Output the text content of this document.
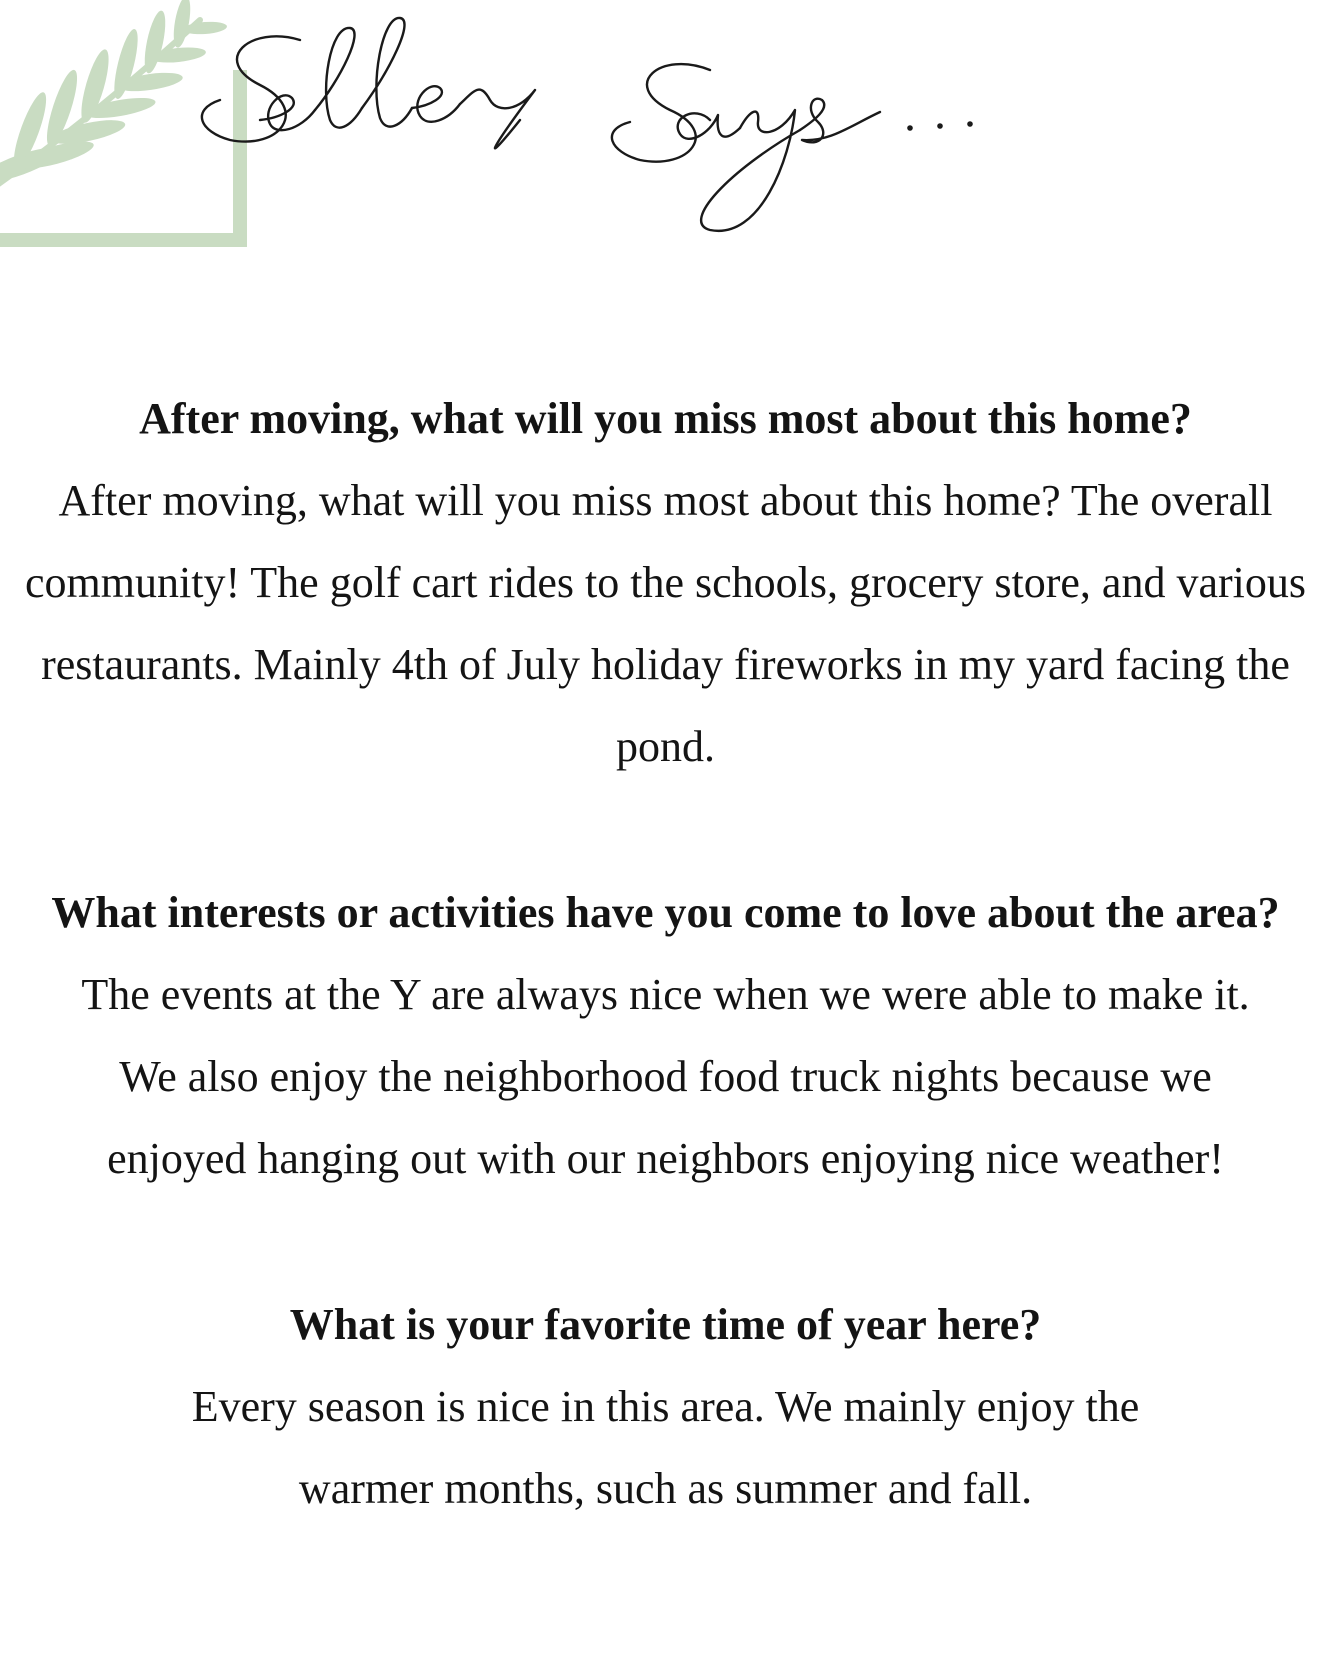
After moving, what will you miss most about this home?

After moving, what will you miss most about this home? The overall community! The golf cart rides to the schools, grocery store, and various restaurants. Mainly 4th of July holiday fireworks in my yard facing the pond.

What interests or activities have you come to love about the area?

The events at the Y are always nice when we were able to make it. We also enjoy the neighborhood food truck nights because we enjoyed hanging out with our neighbors enjoying nice weather!

What is your favorite time of year here?

Every season is nice in this area. We mainly enjoy the warmer months, such as summer and fall.
